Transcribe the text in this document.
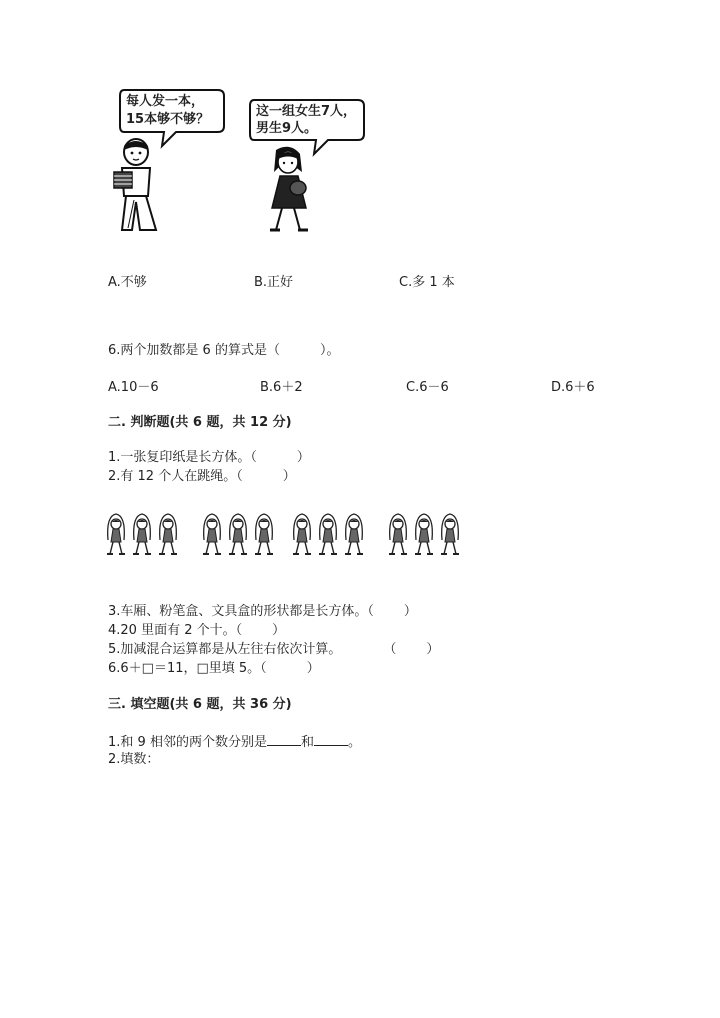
每人发一本，
15本够不够？
这一组女生7人，
男生9人。
A.不够	B.正好	C.多 1 本
6.两个加数都是 6 的算式是（	）。
A.10－6	B.6＋2	C.6－6	D.6＋6
二. 判断题(共 6 题，共 12 分)
1.一张复印纸是长方体。（	）
2.有 12 个人在跳绳。（	）
3.车厢、粉笔盒、文具盒的形状都是长方体。（ ）
4.20 里面有 2 个十。（ ）
5.加减混合运算都是从左往右依次计算。	（ ）
6.6＋□＝11，□里填 5。（	）
三. 填空题(共 6 题，共 36 分)
1.和 9 相邻的两个数分别是	和	。
2.填数：
